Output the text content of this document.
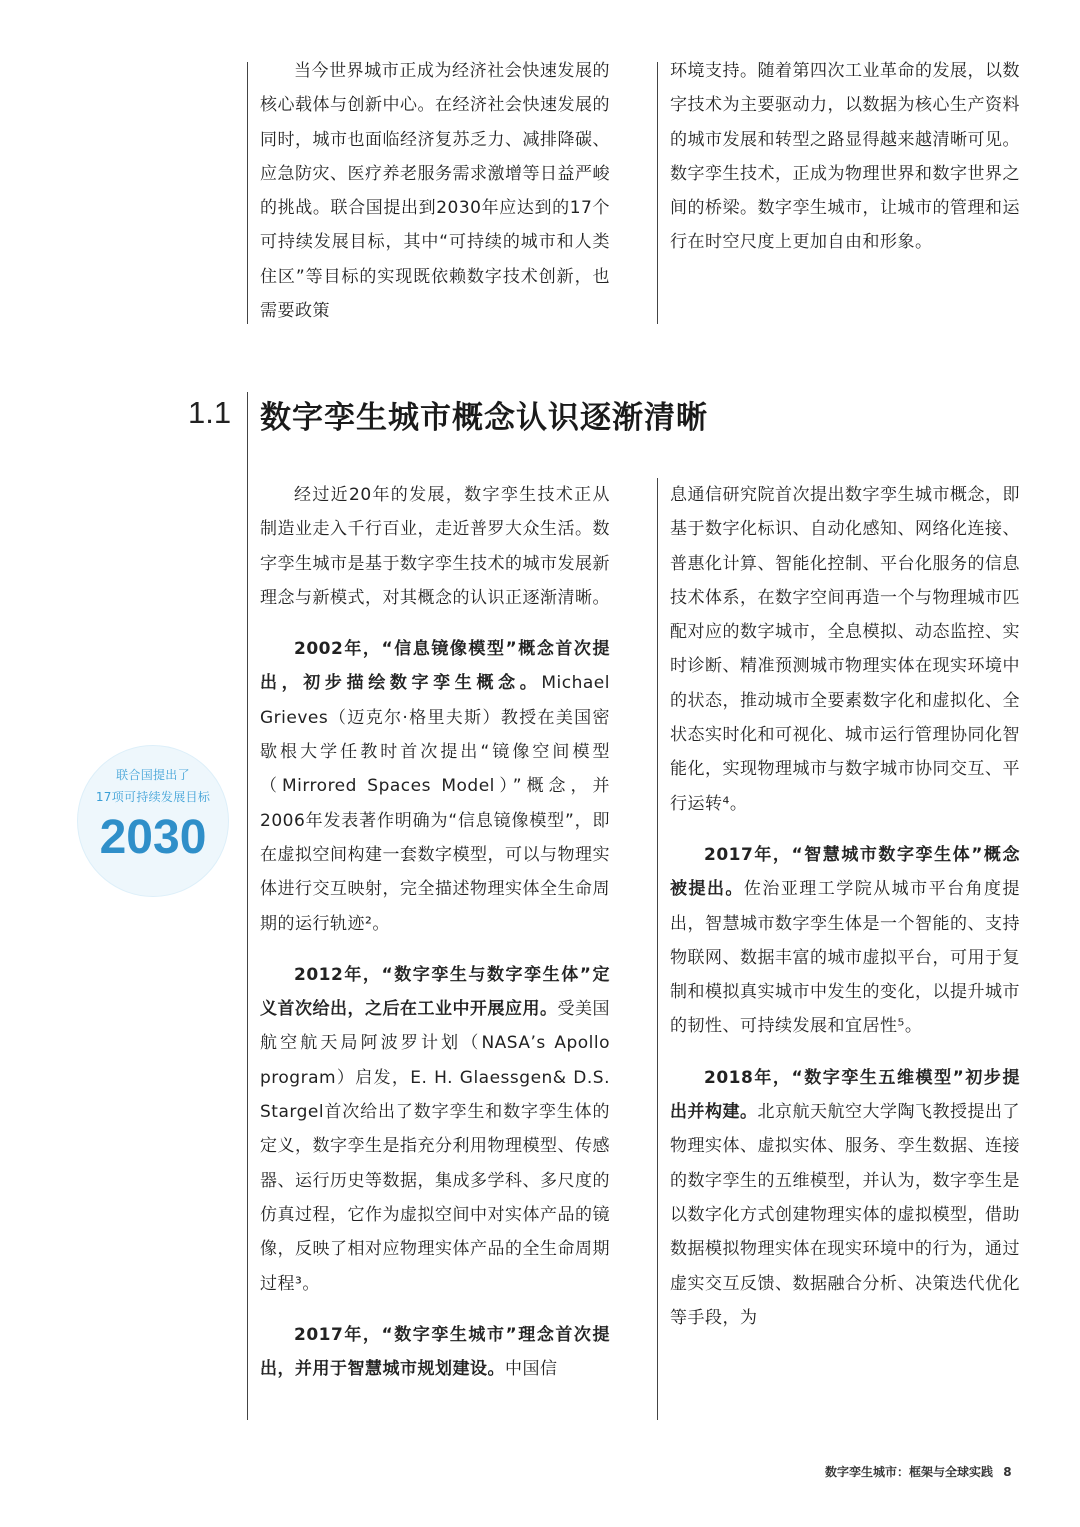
当今世界城市正成为经济社会快速发展的核心载体与创新中心。在经济社会快速发展的同时，城市也面临经济复苏乏力、减排降碳、应急防灾、医疗养老服务需求激增等日益严峻的挑战。联合国提出到2030年应达到的17个可持续发展目标，其中“可持续的城市和人类住区”等目标的实现既依赖数字技术创新，也需要政策

环境支持。随着第四次工业革命的发展，以数字技术为主要驱动力，以数据为核心生产资料的城市发展和转型之路显得越来越清晰可见。数字孪生技术，正成为物理世界和数字世界之间的桥梁。数字孪生城市，让城市的管理和运行在时空尺度上更加自由和形象。

1.1 数字孪生城市概念认识逐渐清晰
联合国提出了
17项可持续发展目标
2030

经过近20年的发展，数字孪生技术正从制造业走入千行百业，走近普罗大众生活。数字孪生城市是基于数字孪生技术的城市发展新理念与新模式，对其概念的认识正逐渐清晰。

2002年，“信息镜像模型”概念首次提出，初步描绘数字孪生概念。Michael Grieves（迈克尔·格里夫斯）教授在美国密歇根大学任教时首次提出“镜像空间模型（Mirrored Spaces Model）”概念，并2006年发表著作明确为“信息镜像模型”，即在虚拟空间构建一套数字模型，可以与物理实体进行交互映射，完全描述物理实体全生命周期的运行轨迹²。

2012年，“数字孪生与数字孪生体”定义首次给出，之后在工业中开展应用。受美国航空航天局阿波罗计划（NASA’s Apollo program）启发，E. H. Glaessgen& D.S. Stargel首次给出了数字孪生和数字孪生体的定义，数字孪生是指充分利用物理模型、传感器、运行历史等数据，集成多学科、多尺度的仿真过程，它作为虚拟空间中对实体产品的镜像，反映了相对应物理实体产品的全生命周期过程³。

2017年，“数字孪生城市”理念首次提出，并用于智慧城市规划建设。中国信

息通信研究院首次提出数字孪生城市概念，即基于数字化标识、自动化感知、网络化连接、普惠化计算、智能化控制、平台化服务的信息技术体系，在数字空间再造一个与物理城市匹配对应的数字城市，全息模拟、动态监控、实时诊断、精准预测城市物理实体在现实环境中的状态，推动城市全要素数字化和虚拟化、全状态实时化和可视化、城市运行管理协同化智能化，实现物理城市与数字城市协同交互、平行运转⁴。

2017年，“智慧城市数字孪生体”概念被提出。佐治亚理工学院从城市平台角度提出，智慧城市数字孪生体是一个智能的、支持物联网、数据丰富的城市虚拟平台，可用于复制和模拟真实城市中发生的变化，以提升城市的韧性、可持续发展和宜居性⁵。

2018年，“数字孪生五维模型”初步提出并构建。北京航天航空大学陶飞教授提出了物理实体、虚拟实体、服务、孪生数据、连接的数字孪生的五维模型，并认为，数字孪生是以数字化方式创建物理实体的虚拟模型，借助数据模拟物理实体在现实环境中的行为，通过虚实交互反馈、数据融合分析、决策迭代优化等手段，为

数字孪生城市：框架与全球实践 8
